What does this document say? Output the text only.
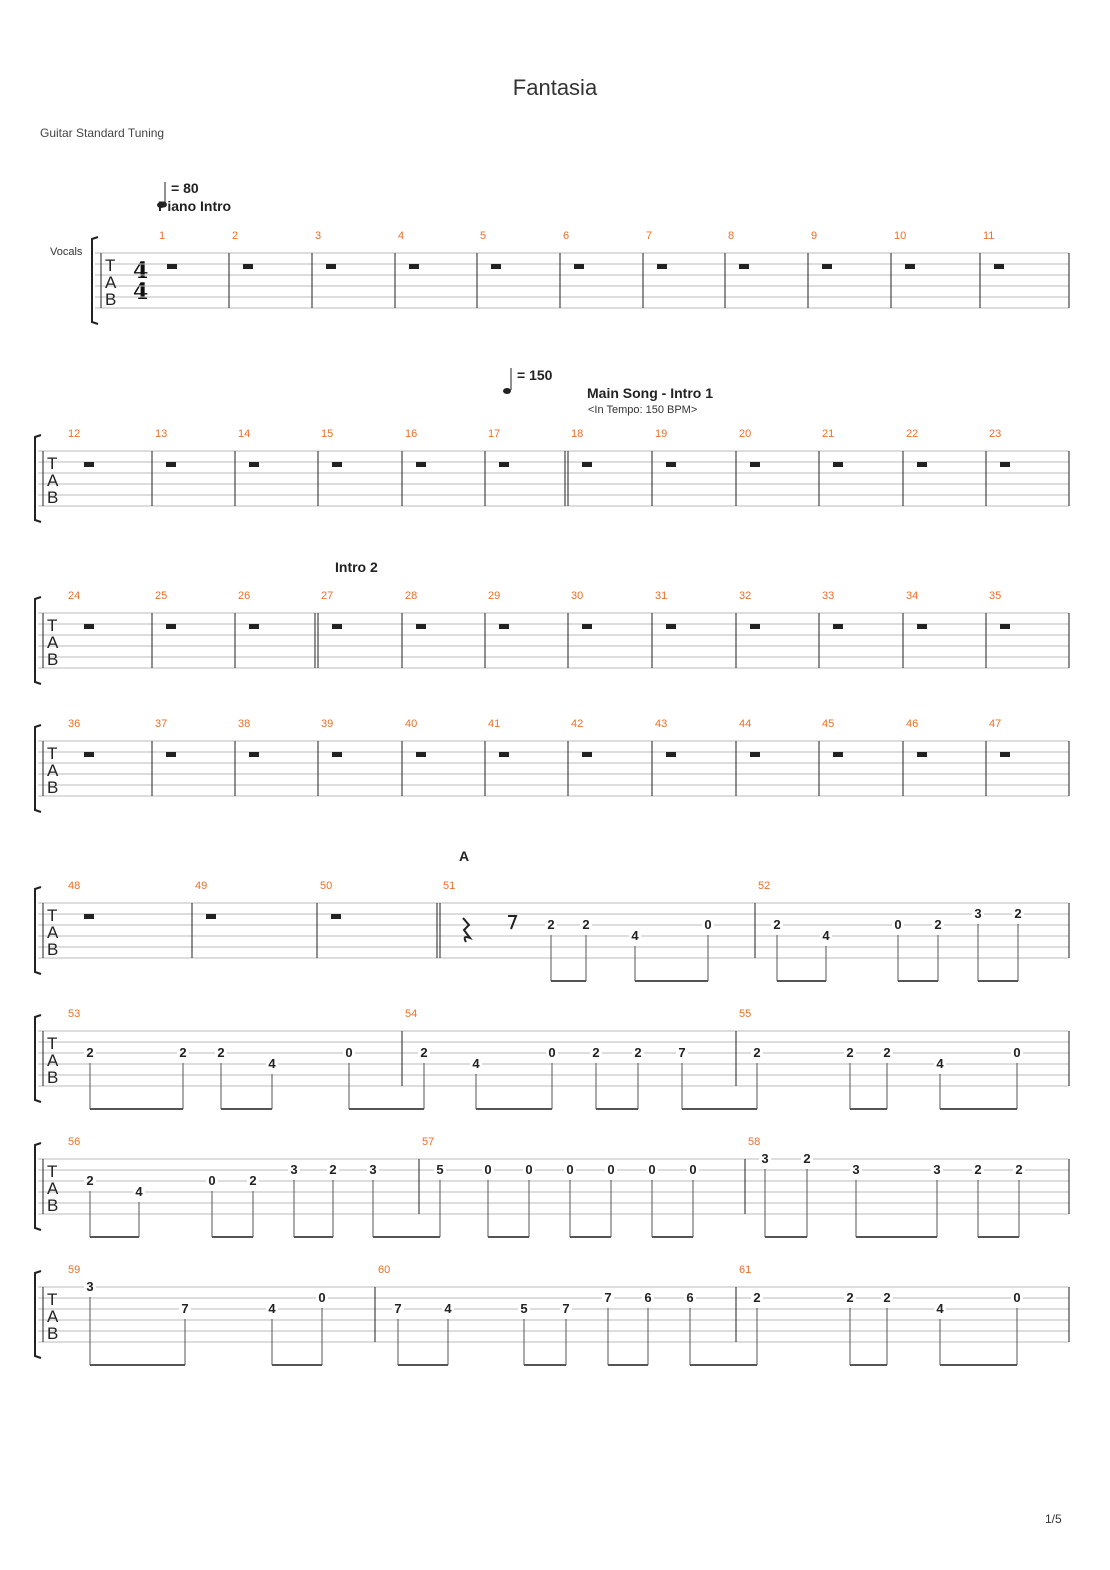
Fantasia
Guitar Standard Tuning
= 80
Piano Intro
Vocals
= 150
Main Song - Intro 1
<In Tempo: 150 BPM>
Intro 2
A
4
4
1/5
T
A
B
1	2	3	4	5	6	7	8	9	10	11
T
A
B
12	13	14	15	16	17	18	19	20	21	22	23
T
A
B
24	25	26	27	28	29	30	31	32	33	34	35
T
A
B
36	37	38	39	40	41	42	43	44	45	46	47
T
A
B
48	49	50	51	52
2 2
4
0	2
4
0	2
3	2
T
A
B
53	54	55
2	2 2
4
0	2
4
0	2	2	7	2	2 2
4
0
T
A
B
56	57	58
2
4
0	2
3 2	3	5	0	0	0	0	0	0
3	2
3	3	2	2
T
A
B
59	60	61
3
7	4
0
7	4	5	7
7	6	6	2	2 2
4
0
